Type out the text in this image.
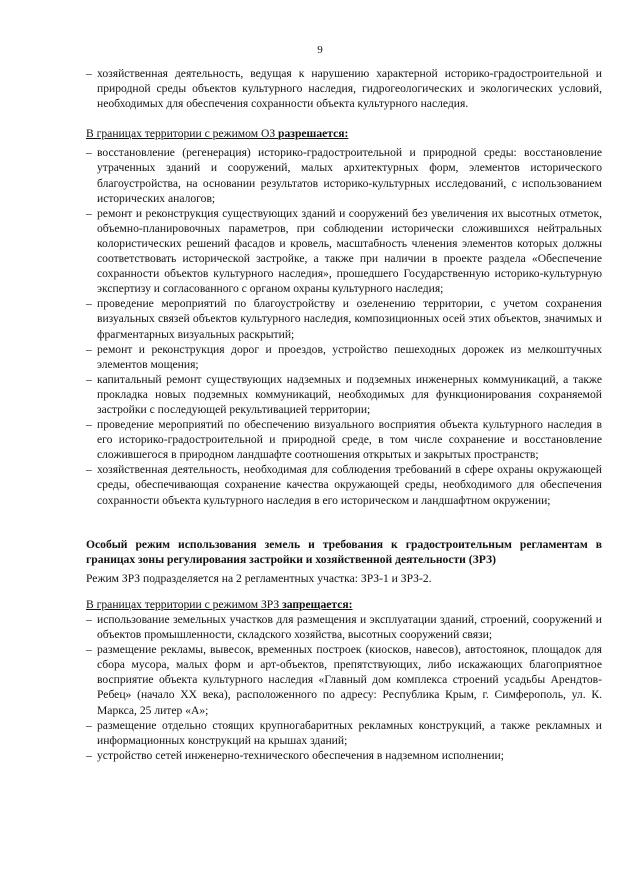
9
– хозяйственная деятельность, ведущая к нарушению характерной историко-градостроительной и природной среды объектов культурного наследия, гидрогеологических и экологических условий, необходимых для обеспечения сохранности объекта культурного наследия.

В границах территории с режимом ОЗ разрешается:

– восстановление (регенерация) историко-градостроительной и природной среды: восстановление утраченных зданий и сооружений, малых архитектурных форм, элементов исторического благоустройства, на основании результатов историко-культурных исследований, с использованием исторических аналогов;
– ремонт и реконструкция существующих зданий и сооружений без увеличения их высотных отметок, объемно-планировочных параметров, при соблюдении исторически сложившихся нейтральных колористических решений фасадов и кровель, масштабность членения элементов которых должны соответствовать исторической застройке, а также при наличии в проекте раздела «Обеспечение сохранности объектов культурного наследия», прошедшего Государственную историко-культурную экспертизу и согласованного с органом охраны культурного наследия;
– проведение мероприятий по благоустройству и озеленению территории, с учетом сохранения визуальных связей объектов культурного наследия, композиционных осей этих объектов, значимых и фрагментарных визуальных раскрытий;
– ремонт и реконструкция дорог и проездов, устройство пешеходных дорожек из мелкоштучных элементов мощения;
– капитальный ремонт существующих надземных и подземных инженерных коммуникаций, а также прокладка новых подземных коммуникаций, необходимых для функционирования сохраняемой застройки с последующей рекультивацией территории;
– проведение мероприятий по обеспечению визуального восприятия объекта культурного наследия в его историко-градостроительной и природной среде, в том числе сохранение и восстановление сложившегося в природном ландшафте соотношения открытых и закрытых пространств;
– хозяйственная деятельность, необходимая для соблюдения требований в сфере охраны окружающей среды, обеспечивающая сохранение качества окружающей среды, необходимого для обеспечения сохранности объекта культурного наследия в его историческом и ландшафтном окружении;

Особый режим использования земель и требования к градостроительным регламентам в границах зоны регулирования застройки и хозяйственной деятельности (ЗРЗ)

Режим ЗРЗ подразделяется на 2 регламентных участка: ЗРЗ-1 и ЗРЗ-2.

В границах территории с режимом ЗРЗ запрещается:

– использование земельных участков для размещения и эксплуатации зданий, строений, сооружений и объектов промышленности, складского хозяйства, высотных сооружений связи;
– размещение рекламы, вывесок, временных построек (киосков, навесов), автостоянок, площадок для сбора мусора, малых форм и арт-объектов, препятствующих, либо искажающих благоприятное восприятие объекта культурного наследия «Главный дом комплекса строений усадьбы Арендтов-Ребец» (начало XX века), расположенного по адресу: Республика Крым, г. Симферополь, ул. К. Маркса, 25 литер «А»;
– размещение отдельно стоящих крупногабаритных рекламных конструкций, а также рекламных и информационных конструкций на крышах зданий;
– устройство сетей инженерно-технического обеспечения в надземном исполнении;
